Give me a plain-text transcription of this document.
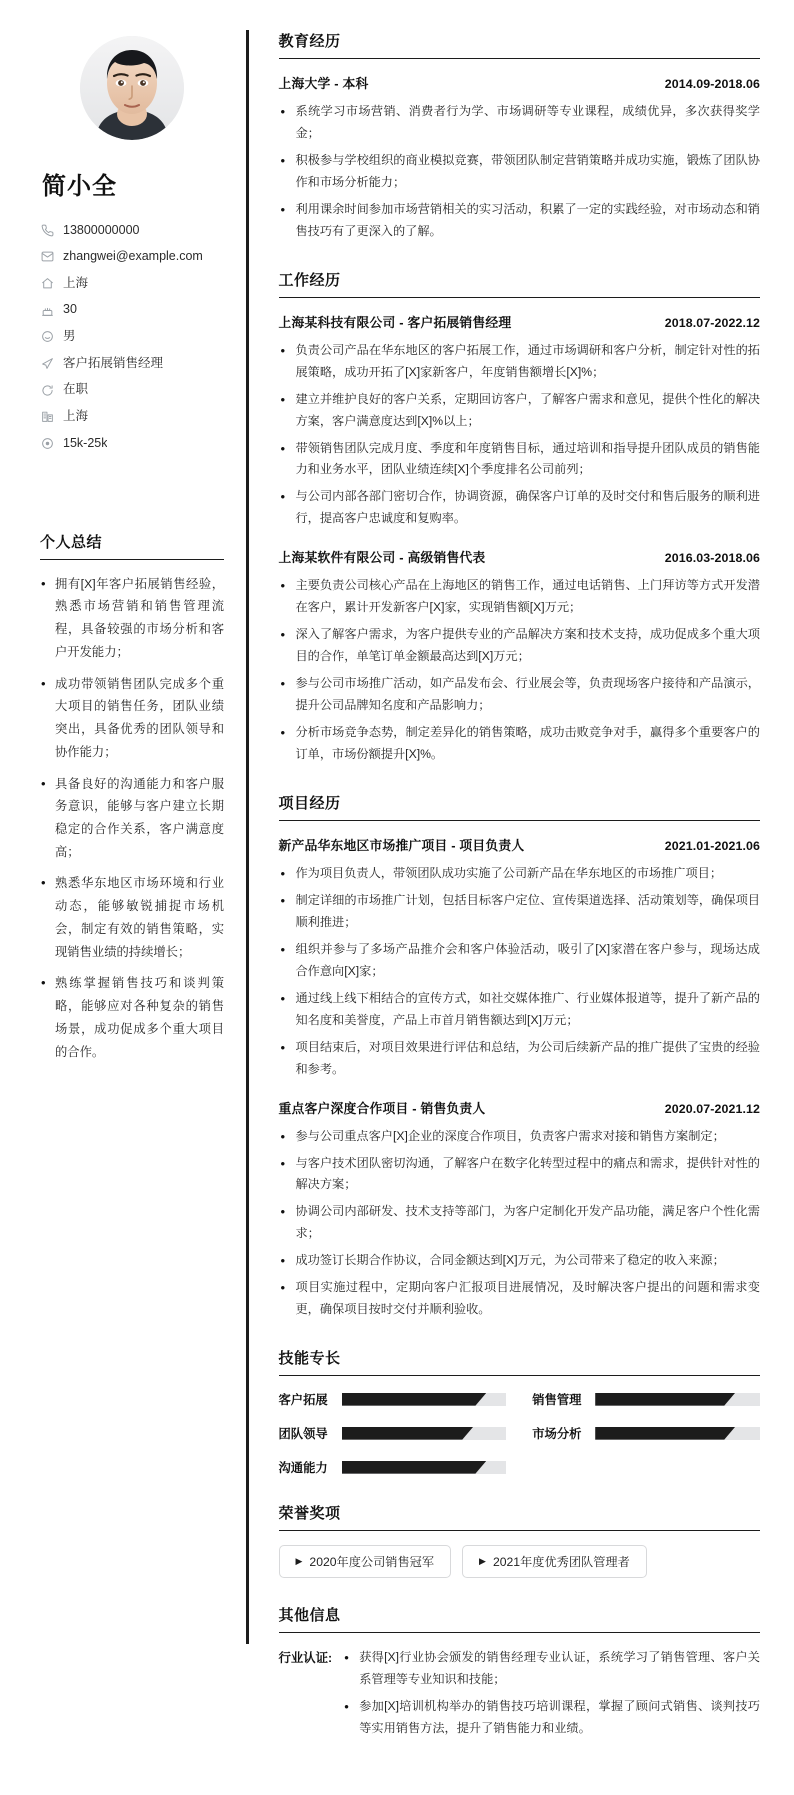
简小全
13800000000
zhangwei@example.com
上海
30
男
客户拓展销售经理
在职
上海
15k-25k
个人总结
• 拥有[X]年客户拓展销售经验，熟悉市场营销和销售管理流程，具备较强的市场分析和客户开发能力；
• 成功带领销售团队完成多个重大项目的销售任务，团队业绩突出，具备优秀的团队领导和协作能力；
• 具备良好的沟通能力和客户服务意识，能够与客户建立长期稳定的合作关系，客户满意度高；
• 熟悉华东地区市场环境和行业动态，能够敏锐捕捉市场机会，制定有效的销售策略，实现销售业绩的持续增长；
• 熟练掌握销售技巧和谈判策略，能够应对各种复杂的销售场景，成功促成多个重大项目的合作。
教育经历
上海大学 - 本科	2014.09-2018.06
• 系统学习市场营销、消费者行为学、市场调研等专业课程，成绩优异，多次获得奖学金；
• 积极参与学校组织的商业模拟竞赛，带领团队制定营销策略并成功实施，锻炼了团队协作和市场分析能力；
• 利用课余时间参加市场营销相关的实习活动，积累了一定的实践经验，对市场动态和销售技巧有了更深入的了解。
工作经历
上海某科技有限公司 - 客户拓展销售经理	2018.07-2022.12
• 负责公司产品在华东地区的客户拓展工作，通过市场调研和客户分析，制定针对性的拓展策略，成功开拓了[X]家新客户，年度销售额增长[X]%；
• 建立并维护良好的客户关系，定期回访客户，了解客户需求和意见，提供个性化的解决方案，客户满意度达到[X]%以上；
• 带领销售团队完成月度、季度和年度销售目标，通过培训和指导提升团队成员的销售能力和业务水平，团队业绩连续[X]个季度排名公司前列；
• 与公司内部各部门密切合作，协调资源，确保客户订单的及时交付和售后服务的顺利进行，提高客户忠诚度和复购率。
上海某软件有限公司 - 高级销售代表	2016.03-2018.06
• 主要负责公司核心产品在上海地区的销售工作，通过电话销售、上门拜访等方式开发潜在客户，累计开发新客户[X]家，实现销售额[X]万元；
• 深入了解客户需求，为客户提供专业的产品解决方案和技术支持，成功促成多个重大项目的合作，单笔订单金额最高达到[X]万元；
• 参与公司市场推广活动，如产品发布会、行业展会等，负责现场客户接待和产品演示，提升公司品牌知名度和产品影响力；
• 分析市场竞争态势，制定差异化的销售策略，成功击败竞争对手，赢得多个重要客户的订单，市场份额提升[X]%。
项目经历
新产品华东地区市场推广项目 - 项目负责人	2021.01-2021.06
• 作为项目负责人，带领团队成功实施了公司新产品在华东地区的市场推广项目；
• 制定详细的市场推广计划，包括目标客户定位、宣传渠道选择、活动策划等，确保项目顺利推进；
• 组织并参与了多场产品推介会和客户体验活动，吸引了[X]家潜在客户参与，现场达成合作意向[X]家；
• 通过线上线下相结合的宣传方式，如社交媒体推广、行业媒体报道等，提升了新产品的知名度和美誉度，产品上市首月销售额达到[X]万元；
• 项目结束后，对项目效果进行评估和总结，为公司后续新产品的推广提供了宝贵的经验和参考。
重点客户深度合作项目 - 销售负责人	2020.07-2021.12
• 参与公司重点客户[X]企业的深度合作项目，负责客户需求对接和销售方案制定；
• 与客户技术团队密切沟通，了解客户在数字化转型过程中的痛点和需求，提供针对性的解决方案；
• 协调公司内部研发、技术支持等部门，为客户定制化开发产品功能，满足客户个性化需求；
• 成功签订长期合作协议，合同金额达到[X]万元，为公司带来了稳定的收入来源；
• 项目实施过程中，定期向客户汇报项目进展情况，及时解决客户提出的问题和需求变更，确保项目按时交付并顺利验收。
技能专长
客户拓展	销售管理
团队领导	市场分析
沟通能力
荣誉奖项
▶ 2020年度公司销售冠军	▶ 2021年度优秀团队管理者
其他信息
行业认证:	• 获得[X]行业协会颁发的销售经理专业认证，系统学习了销售管理、客户关系管理等专业知识和技能；
• 参加[X]培训机构举办的销售技巧培训课程，掌握了顾问式销售、谈判技巧等实用销售方法，提升了销售能力和业绩。
